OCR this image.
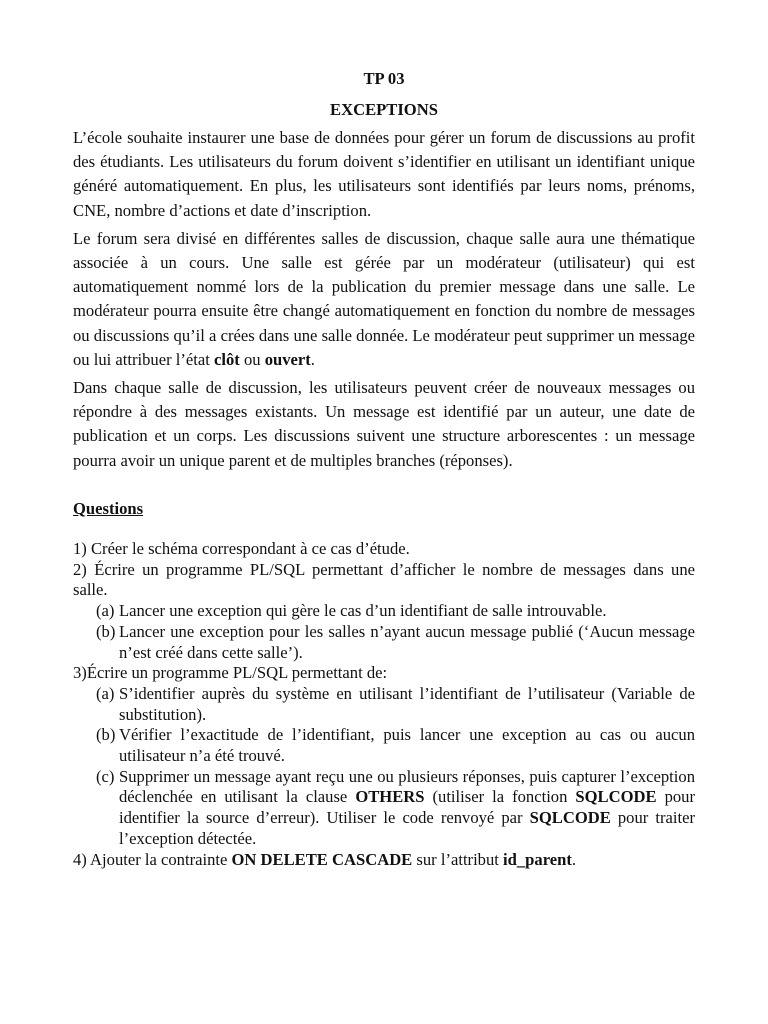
TP 03
EXCEPTIONS

L’école souhaite instaurer une base de données pour gérer un forum de discussions au profit des étudiants. Les utilisateurs du forum doivent s’identifier en utilisant un identifiant unique généré automatiquement. En plus, les utilisateurs sont identifiés par leurs noms, prénoms, CNE, nombre d’actions et date d’inscription.

Le forum sera divisé en différentes salles de discussion, chaque salle aura une thématique associée à un cours. Une salle est gérée par un modérateur (utilisateur) qui est automatiquement nommé lors de la publication du premier message dans une salle. Le modérateur pourra ensuite être changé automatiquement en fonction du nombre de messages ou discussions qu’il a crées dans une salle donnée. Le modérateur peut supprimer un message ou lui attribuer l’état clôt ou ouvert.

Dans chaque salle de discussion, les utilisateurs peuvent créer de nouveaux messages ou répondre à des messages existants. Un message est identifié par un auteur, une date de publication et un corps. Les discussions suivent une structure arborescentes : un message pourra avoir un unique parent et de multiples branches (réponses).

Questions
1) Créer le schéma correspondant à ce cas d’étude.
2) Écrire un programme PL/SQL permettant d’afficher le nombre de messages dans une salle.
(a) Lancer une exception qui gère le cas d’un identifiant de salle introuvable.
(b) Lancer une exception pour les salles n’ayant aucun message publié (‘Aucun message n’est créé dans cette salle’).
3)Écrire un programme PL/SQL permettant de:
(a) S’identifier auprès du système en utilisant l’identifiant de l’utilisateur (Variable de substitution).
(b) Vérifier l’exactitude de l’identifiant, puis lancer une exception au cas ou aucun utilisateur n’a été trouvé.
(c) Supprimer un message ayant reçu une ou plusieurs réponses, puis capturer l’exception déclenchée en utilisant la clause OTHERS (utiliser la fonction SQLCODE pour identifier la source d’erreur). Utiliser le code renvoyé par SQLCODE pour traiter l’exception détectée.
4) Ajouter la contrainte ON DELETE CASCADE sur l’attribut id_parent.
